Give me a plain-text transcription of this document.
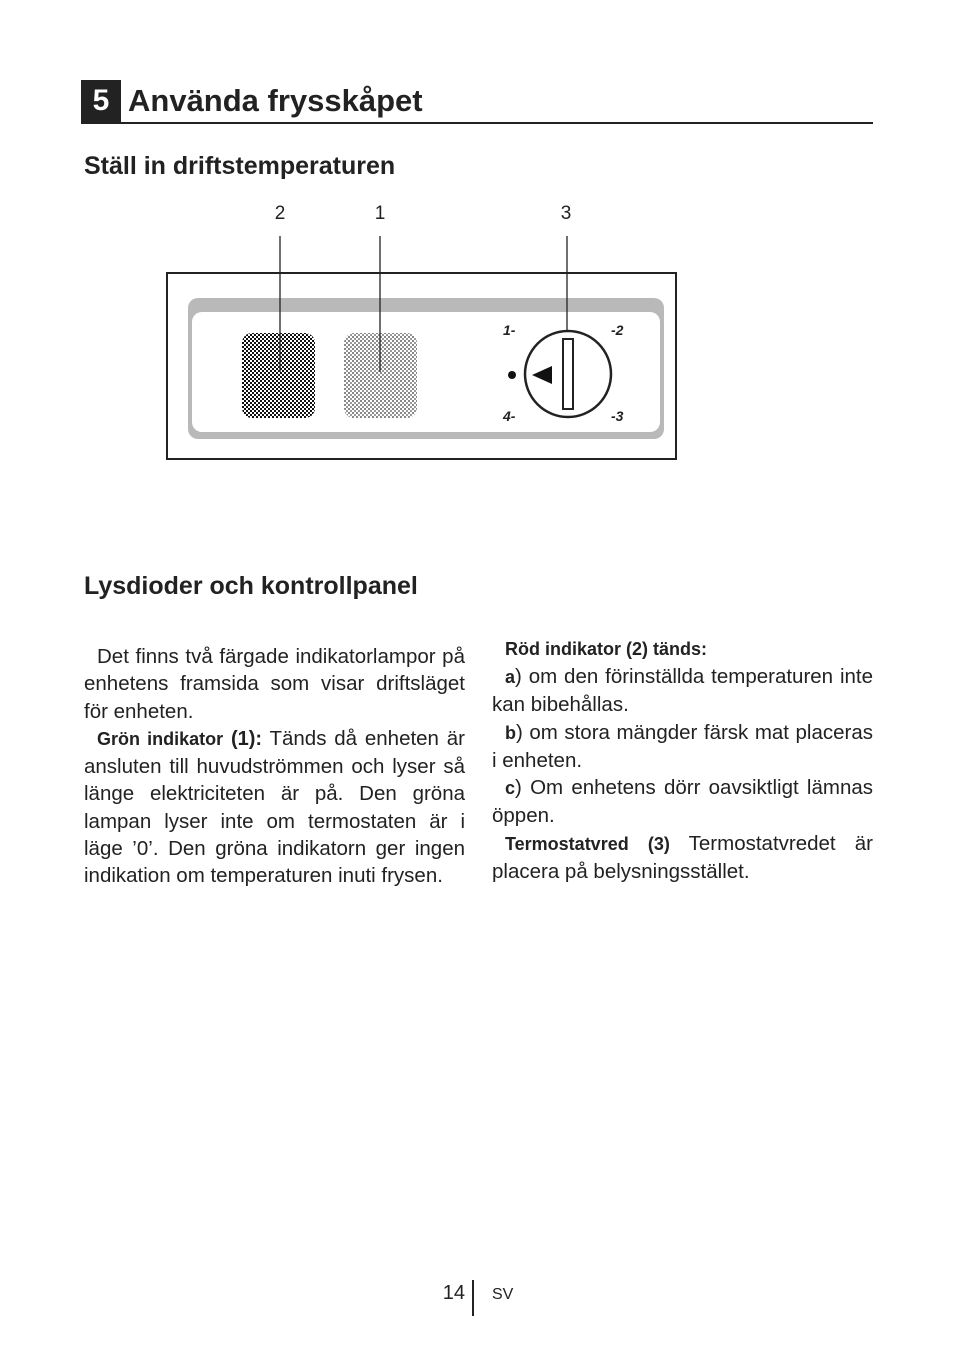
5 Använda frysskåpet
Ställ in driftstemperaturen
2	1	3
1-	-2
4-	-3
Lysdioder och kontrollpanel

Det finns två färgade indikatorlampor på enhetens framsida som visar driftsläget för enheten.

Grön indikator (1): Tänds då enheten är ansluten till huvudströmmen och lyser så länge elektriciteten är på. Den gröna lampan lyser inte om termostaten är i läge ’0’. Den gröna indikatorn ger ingen indikation om temperaturen inuti frysen.

Röd indikator (2) tänds:

a) om den förinställda temperaturen inte kan bibehållas.

b) om stora mängder färsk mat placeras i enheten.

c) Om enhetens dörr oavsiktligt lämnas öppen.

Termostatvred (3) Termostatvredet är placera på belysningsstället.

14 SV
